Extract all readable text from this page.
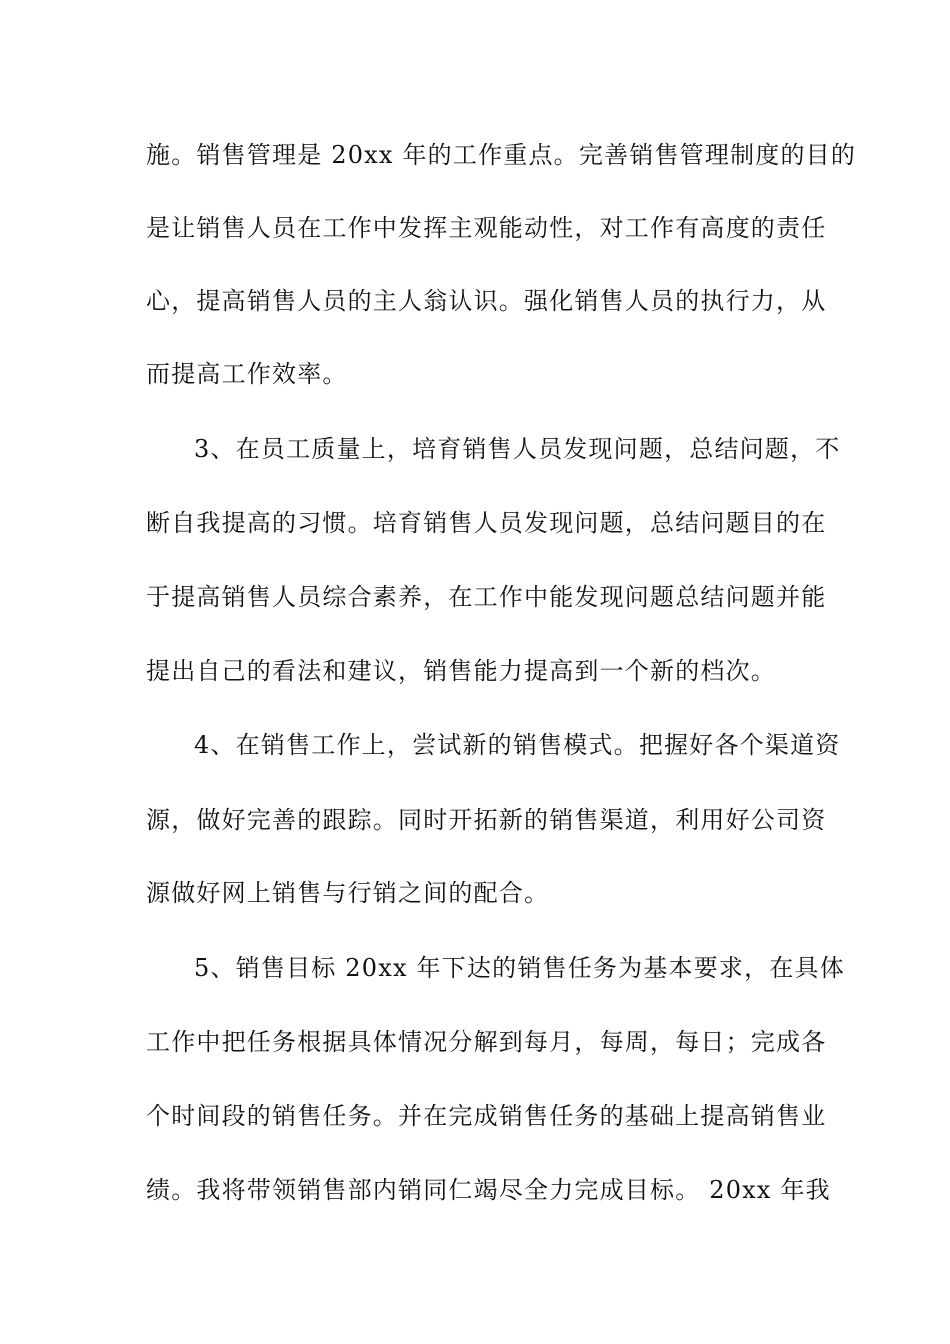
施。销售管理是 20xx 年的工作重点。完善销售管理制度的目的
是让销售人员在工作中发挥主观能动性，对工作有高度的责任
心，提高销售人员的主人翁认识。强化销售人员的执行力，从
而提高工作效率。
3、在员工质量上，培育销售人员发现问题，总结问题，不
断自我提高的习惯。培育销售人员发现问题，总结问题目的在
于提高销售人员综合素养，在工作中能发现问题总结问题并能
提出自己的看法和建议，销售能力提高到一个新的档次。
4、在销售工作上，尝试新的销售模式。把握好各个渠道资
源，做好完善的跟踪。同时开拓新的销售渠道，利用好公司资
源做好网上销售与行销之间的配合。
5、销售目标 20xx 年下达的销售任务为基本要求，在具体
工作中把任务根据具体情况分解到每月，每周，每日；完成各
个时间段的销售任务。并在完成销售任务的基础上提高销售业
绩。我将带领销售部内销同仁竭尽全力完成目标。 20xx 年我
